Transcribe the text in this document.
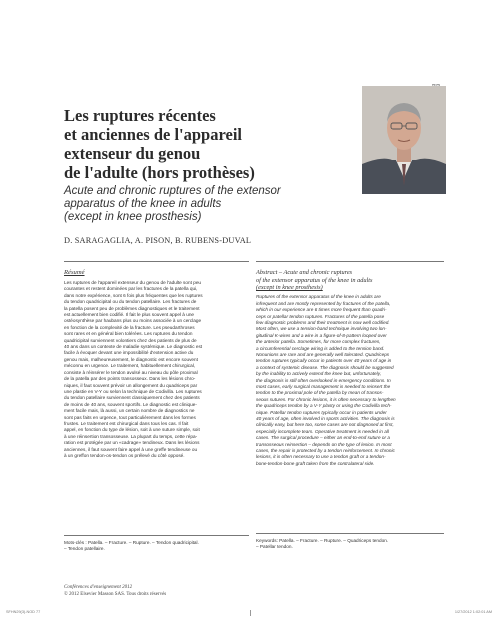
Les ruptures récentes
et anciennes de l'appareil
extenseur du genou
de l'adulte (hors prothèses)
Acute and chronic ruptures of the extensor
apparatus of the knee in adults
(except in knee prosthesis)
D. SARAGAGLIA, A. PISON, B. RUBENS-DUVAL
Résumé
Les ruptures de l'appareil extenseur du genou de l'adulte sont peu
courantes et restent dominées par les fractures de la patella qui,
dans notre expérience, sont 6 fois plus fréquentes que les ruptures
du tendon quadricipital ou du tendon patellaire. Les fractures de
la patella posent peu de problèmes diagnostiques et le traitement
est actuellement bien codifié. Il fait le plus souvent appel à une
ostéosynthèse par haubans plus ou moins associée à un cerclage
en fonction de la complexité de la fracture. Les pseudarthroses
sont rares et en général bien tolérées. Les ruptures du tendon
quadricipital surviennent volontiers chez des patients de plus de
40 ans dans un contexte de maladie systémique. Le diagnostic est
facile à évoquer devant une impossibilité d'extension active du
genou mais, malheureusement, le diagnostic est encore souvent
méconnu en urgence. Le traitement, habituellement chirurgical,
consiste à réinsérer le tendon avulsé au niveau du pôle proximal
de la patella par des points transosseux. Dans les lésions chro-
niques, il faut souvent prévoir un allongement du quadriceps par
une plastie en V-Y ou selon la technique de Codivilla. Les ruptures
du tendon patellaire surviennent classiquement chez des patients
de moins de 40 ans, souvent sportifs. Le diagnostic est clinique-
ment facile mais, là aussi, un certain nombre de diagnostics ne
sont pas faits en urgence, tout particulièrement dans les formes
frustes. Le traitement est chirurgical dans tous les cas. Il fait
appel, en fonction du type de lésion, soit à une suture simple, soit
à une réinsertion transosseuse. La plupart du temps, cette répa-
ration est protégée par un «cadrage» tendineux. Dans les lésions
anciennes, il faut souvent faire appel à une greffe tendineuse ou
à un greffon tendon-os-tendon os prélevé du côté opposé.
Abstract – Acute and chronic ruptures
of the extensor apparatus of the knee in adults
(except in knee prosthesis)
Ruptures of the extensor apparatus of the knee in adults are
infrequent and are mostly represented by fractures of the patella,
which in our experience are 6 times more frequent than quadri-
ceps or patellar tendon ruptures. Fractures of the patella pose
few diagnostic problems and their treatment is now well codified.
Most often, we use a tension-band technique involving two lon-
gitudinal K-wires and a wire in a figure-of-8-pattern looped over
the anterior patella. Sometimes, for more complex fractures,
a circumferential cerclage wiring is added to the tension band.
Nonunions are rare and are generally well tolerated. Quadriceps
tendon ruptures typically occur in patients over 40 years of age in
a context of systemic disease. The diagnosis should be suggested
by the inability to actively extend the knee but, unfortunately,
the diagnosis is still often overlooked in emergency conditions. In
most cases, early surgical management is needed to reinsert the
tendon to the proximal pole of the patella by mean of transos-
seous sutures. For chronic lesions, it is often necessary to lengthen
the quadriceps tendon by a V-Y plasty or using the Codivilla tech-
nique. Patellar tendon ruptures typically occur in patients under
40 years of age, often involved in sports activities. The diagnosis is
clinically easy, but here too, some cases are not diagnosed at first,
especially incomplete tears. Operative treatment is needed in all
cases. The surgical procedure – either an end-to-end suture or a
transosseous reinsertion – depends on the type of lesion. In most
cases, the repair is protected by a tendon reinforcement. In chronic
lesions, it is often necessary to use a tendon graft or a tendon-
bone-tendon-bone graft taken from the contralateral side.
Mots-clés : Patella. – Fracture. – Rupture. – Tendon quadricipital.
– Tendon patellaire.
Keywords: Patella. – Fracture. – Rupture. – Quadriceps tendon.
– Patellar tendon.
Conférences d'enseignement 2012
© 2012 Elsevier Masson SAS. Tous droits réservés
SFHN29(3)-NOD 77	1/27/2012 1:02:01 AM
